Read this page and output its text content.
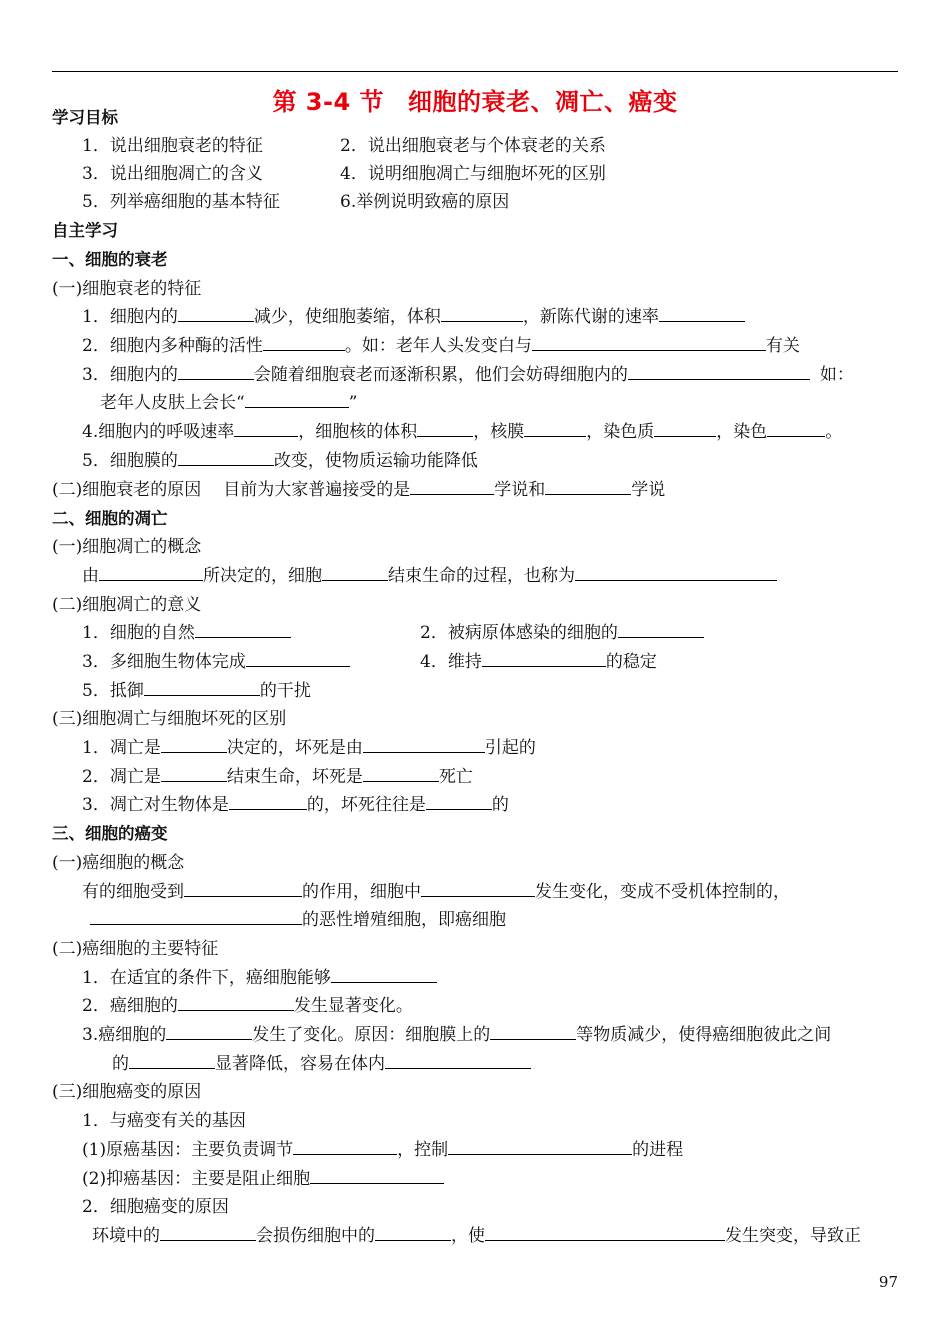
第 3-4 节 细胞的衰老、凋亡、癌变
学习目标
1．说出细胞衰老的特征	2．说出细胞衰老与个体衰老的关系
3．说出细胞凋亡的含义	4．说明细胞凋亡与细胞坏死的区别
5．列举癌细胞的基本特征	6.举例说明致癌的原因
自主学习
一、细胞的衰老
(一)细胞衰老的特征
1．细胞内的	减少，使细胞萎缩，体积	，新陈代谢的速率
2．细胞内多种酶的活性	。如：老年人头发变白与	有关
3．细胞内的	会随着细胞衰老而逐渐积累，他们会妨碍细胞内的	如：
老年人皮肤上会长“	”
4.细胞内的呼吸速率	，细胞核的体积	，核膜	，染色质	，染色	。
5．细胞膜的	改变，使物质运输功能降低
(二)细胞衰老的原因 目前为大家普遍接受的是	学说和	学说
二、细胞的凋亡
(一)细胞凋亡的概念
由	所决定的，细胞	结束生命的过程，也称为
(二)细胞凋亡的意义
1．细胞的自然	2．被病原体感染的细胞的
3．多细胞生物体完成	4．维持	的稳定
5．抵御	的干扰
(三)细胞凋亡与细胞坏死的区别
1．凋亡是	决定的，坏死是由	引起的
2．凋亡是	结束生命，坏死是	死亡
3．凋亡对生物体是	的，坏死往往是	的
三、细胞的癌变
(一)癌细胞的概念
有的细胞受到	的作用，细胞中	发生变化，变成不受机体控制的，
的恶性增殖细胞，即癌细胞
(二)癌细胞的主要特征
1．在适宜的条件下，癌细胞能够
2．癌细胞的	发生显著变化。
3.癌细胞的	发生了变化。原因：细胞膜上的	等物质减少，使得癌细胞彼此之间
的	显著降低，容易在体内
(三)细胞癌变的原因
1．与癌变有关的基因
(1)原癌基因：主要负责调节	，控制	的进程
(2)抑癌基因：主要是阻止细胞
2．细胞癌变的原因
环境中的	会损伤细胞中的	，使	发生突变，导致正
97
